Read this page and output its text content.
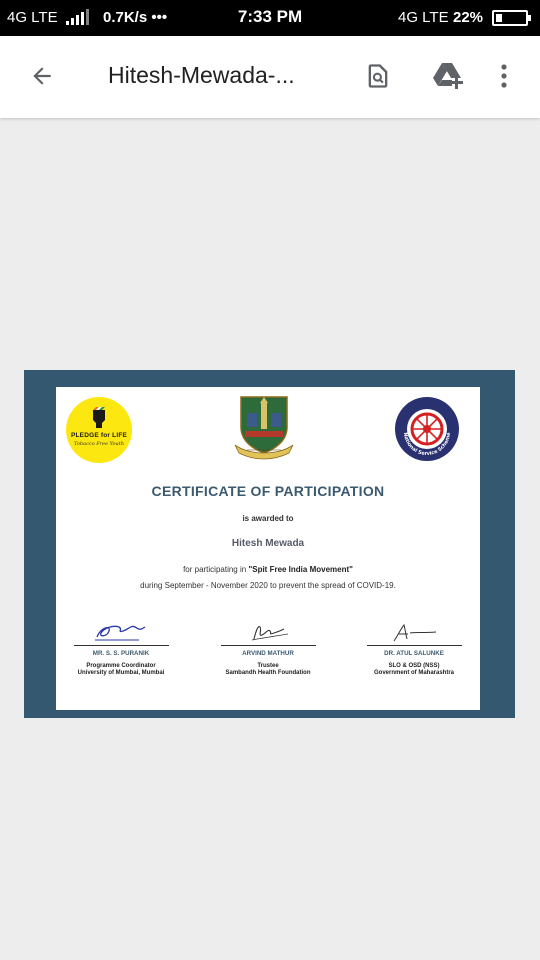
4G LTE	0.7K/s •••	7:33 PM	4G LTE 22%
Hitesh-Mewada-...
PLEDGE for LIFE
Tobacco Free Youth
National Service Scheme
CERTIFICATE OF PARTICIPATION
is awarded to
Hitesh Mewada
for participating in "Spit Free India Movement"
during September - November 2020 to prevent the spread of COVID-19.
MR. S. S. PURANIK
Programme Coordinator
University of Mumbai, Mumbai
ARVIND MATHUR
Trustee
Sambandh Health Foundation
DR. ATUL SALUNKE
SLO & OSD (NSS)
Government of Maharashtra
